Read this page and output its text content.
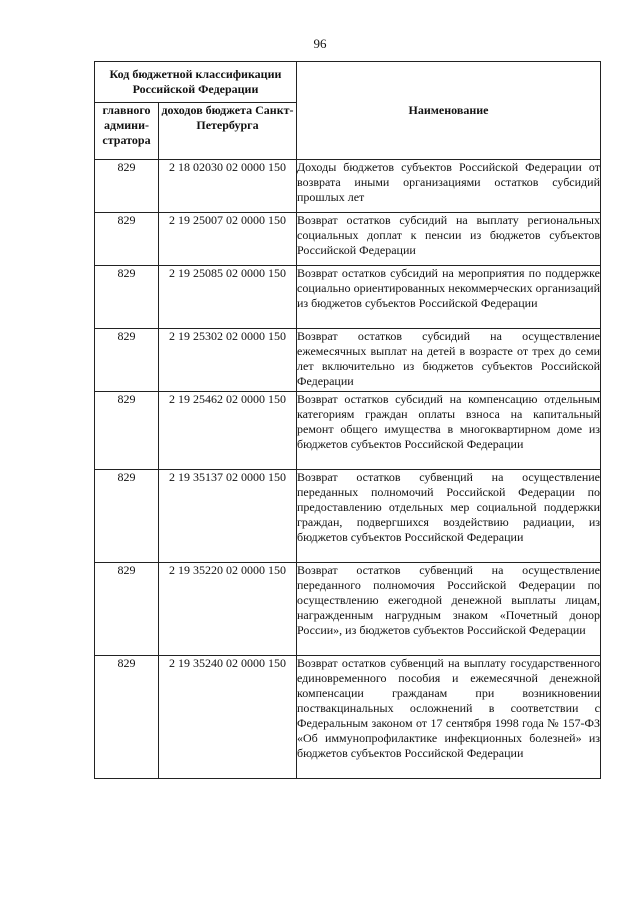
96
Код бюджетной классификации Российской Федерации		Наименование
главного админи-стратора	доходов бюджета Санкт-Петербурга	
829	2 18 02030 02 0000 150	Доходы бюджетов субъектов Российской Федерации от возврата иными организациями остатков субсидий прошлых лет
829	2 19 25007 02 0000 150	Возврат остатков субсидий на выплату региональных социальных доплат к пенсии из бюджетов субъектов Российской Федерации
829	2 19 25085 02 0000 150	Возврат остатков субсидий на мероприятия по поддержке социально ориентированных некоммерческих организаций из бюджетов субъектов Российской Федерации
829	2 19 25302 02 0000 150	Возврат остатков субсидий на осуществление ежемесячных выплат на детей в возрасте от трех до семи лет включительно из бюджетов субъектов Российской Федерации
829	2 19 25462 02 0000 150	Возврат остатков субсидий на компенсацию отдельным категориям граждан оплаты взноса на капитальный ремонт общего имущества в многоквартирном доме из бюджетов субъектов Российской Федерации
829	2 19 35137 02 0000 150	Возврат остатков субвенций на осуществление переданных полномочий Российской Федерации по предоставлению отдельных мер социальной поддержки граждан, подвергшихся воздействию радиации, из бюджетов субъектов Российской Федерации
829	2 19 35220 02 0000 150	Возврат остатков субвенций на осуществление переданного полномочия Российской Федерации по осуществлению ежегодной денежной выплаты лицам, награжденным нагрудным знаком «Почетный донор России», из бюджетов субъектов Российской Федерации
829	2 19 35240 02 0000 150	Возврат остатков субвенций на выплату государственного единовременного пособия и ежемесячной денежной компенсации гражданам при возникновении поствакцинальных осложнений в соответствии с Федеральным законом от 17 сентября 1998 года № 157-ФЗ «Об иммунопрофилактике инфекционных болезней» из бюджетов субъектов Российской Федерации
